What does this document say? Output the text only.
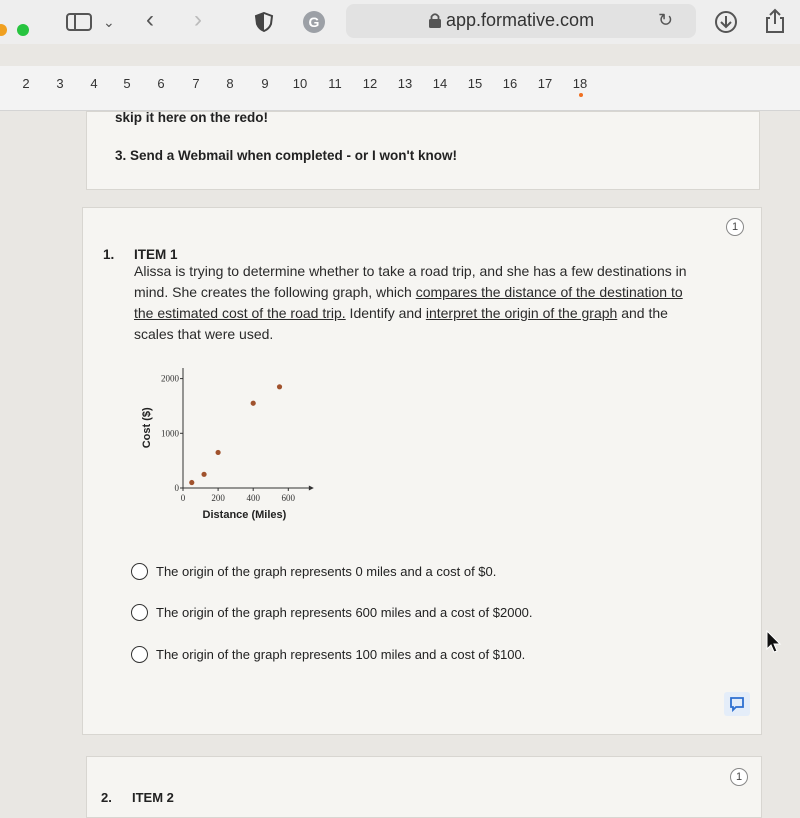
⌄ ‹ ›	G	app.formative.com	↻
2 3 4 5 6 7 8 9 10 11 12 13 14 15 16 17 18
skip it here on the redo!
3. Send a Webmail when completed - or I won't know!
1
1. ITEM 1
Alissa is trying to determine whether to take a road trip, and she has a few destinations in
mind. She creates the following graph, which compares the distance of the destination to
the estimated cost of the road trip. Identify and interpret the origin of the graph and the
scales that were used.
0	200 400 600
0
1000
2000
Distance (Miles)
Cost ($)
The origin of the graph represents 0 miles and a cost of $0.
The origin of the graph represents 600 miles and a cost of $2000.
The origin of the graph represents 100 miles and a cost of $100.
1
2. ITEM 2
